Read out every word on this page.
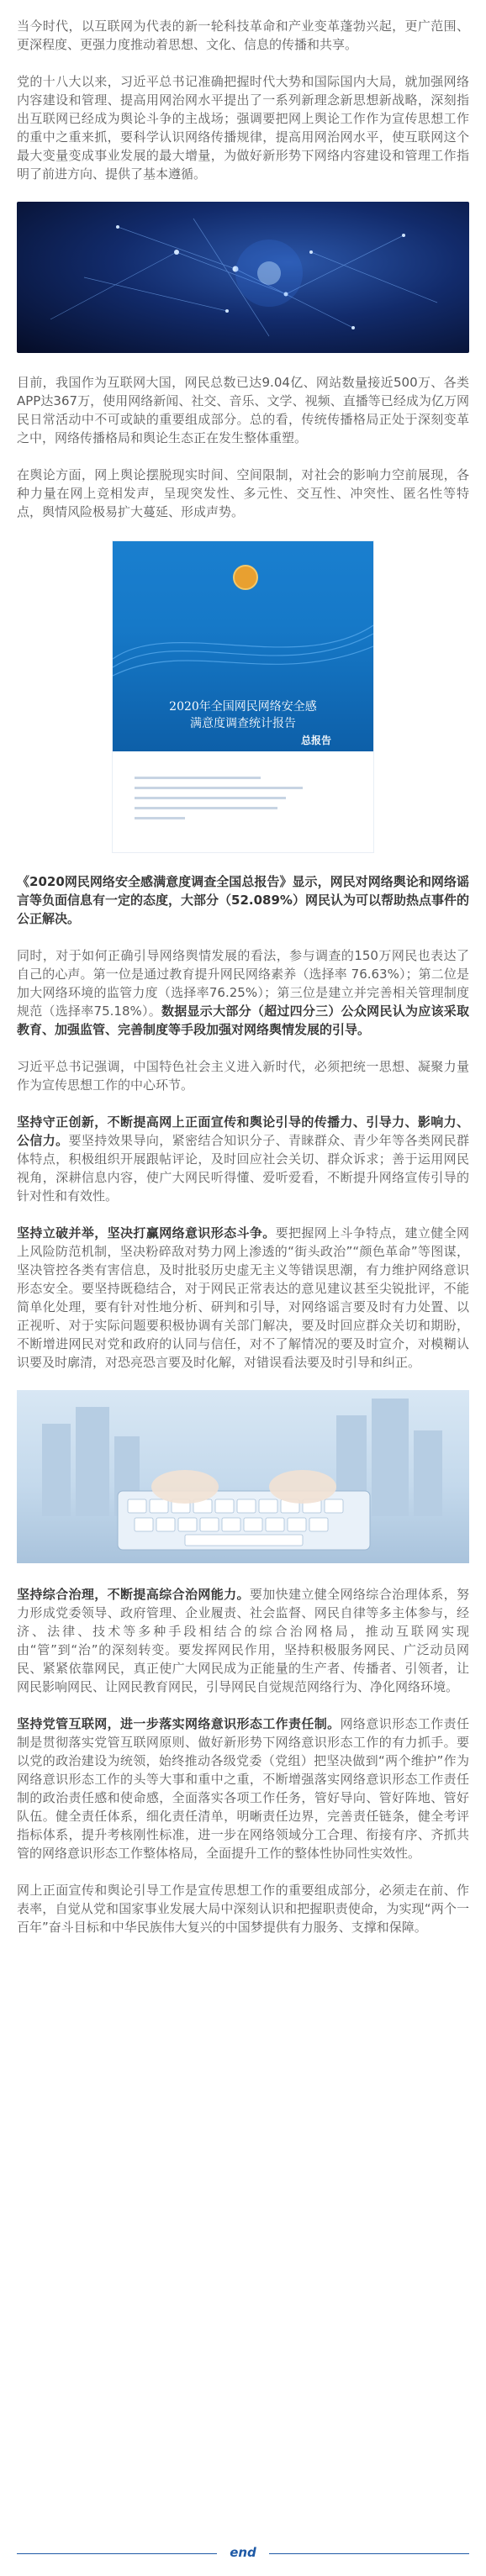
当今时代，以互联网为代表的新一轮科技革命和产业变革蓬勃兴起，更广范围、更深程度、更强力度推动着思想、文化、信息的传播和共享。

党的十八大以来，习近平总书记准确把握时代大势和国际国内大局，就加强网络内容建设和管理、提高用网治网水平提出了一系列新理念新思想新战略，深刻指出互联网已经成为舆论斗争的主战场；强调要把网上舆论工作作为宣传思想工作的重中之重来抓，要科学认识网络传播规律，提高用网治网水平，使互联网这个最大变量变成事业发展的最大增量，为做好新形势下网络内容建设和管理工作指明了前进方向、提供了基本遵循。

目前，我国作为互联网大国，网民总数已达9.04亿、网站数量接近500万、各类APP达367万，使用网络新闻、社交、音乐、文学、视频、直播等已经成为亿万网民日常活动中不可或缺的重要组成部分。总的看，传统传播格局正处于深刻变革之中，网络传播格局和舆论生态正在发生整体重塑。

在舆论方面，网上舆论摆脱现实时间、空间限制，对社会的影响力空前展现，各种力量在网上竞相发声，呈现突发性、多元性、交互性、冲突性、匿名性等特点，舆情风险极易扩大蔓延、形成声势。

2020年全国网民网络安全感
满意度调查统计报告
总报告

《2020网民网络安全感满意度调查全国总报告》显示，网民对网络舆论和网络谣言等负面信息有一定的态度，大部分（52.089%）网民认为可以帮助热点事件的公正解决。

同时，对于如何正确引导网络舆情发展的看法，参与调查的150万网民也表达了自己的心声。第一位是通过教育提升网民网络素养（选择率 76.63%）；第二位是加大网络环境的监管力度（选择率76.25%）；第三位是建立并完善相关管理制度规范（选择率75.18%）。数据显示大部分（超过四分三）公众网民认为应该采取教育、加强监管、完善制度等手段加强对网络舆情发展的引导。

习近平总书记强调，中国特色社会主义进入新时代，必须把统一思想、凝聚力量作为宣传思想工作的中心环节。

坚持守正创新，不断提高网上正面宣传和舆论引导的传播力、引导力、影响力、公信力。要坚持效果导向，紧密结合知识分子、青睐群众、青少年等各类网民群体特点，积极组织开展跟帖评论，及时回应社会关切、群众诉求；善于运用网民视角，深耕信息内容，使广大网民听得懂、爱听爱看，不断提升网络宣传引导的针对性和有效性。

坚持立破并举，坚决打赢网络意识形态斗争。要把握网上斗争特点，建立健全网上风险防范机制，坚决粉碎敌对势力网上渗透的“街头政治”“颜色革命”等图谋，坚决管控各类有害信息，及时批驳历史虚无主义等错误思潮，有力维护网络意识形态安全。要坚持既稳结合，对于网民正常表达的意见建议甚至尖锐批评，不能简单化处理，要有针对性地分析、研判和引导，对网络谣言要及时有力处置、以正视听、对于实际问题要积极协调有关部门解决，要及时回应群众关切和期盼，不断增进网民对党和政府的认同与信任，对不了解情况的要及时宣介，对模糊认识要及时廓清，对恐亮恐言要及时化解，对错误看法要及时引导和纠正。

坚持综合治理，不断提高综合治网能力。要加快建立健全网络综合治理体系，努力形成党委领导、政府管理、企业履责、社会监督、网民自律等多主体参与，经济、法律、技术等多种手段相结合的综合治网格局，推动互联网实现由“管”到“治”的深刻转变。要发挥网民作用，坚持积极服务网民、广泛动员网民、紧紧依靠网民，真正使广大网民成为正能量的生产者、传播者、引领者，让网民影响网民、让网民教育网民，引导网民自觉规范网络行为、净化网络环境。

坚持党管互联网，进一步落实网络意识形态工作责任制。网络意识形态工作责任制是贯彻落实党管互联网原则、做好新形势下网络意识形态工作的有力抓手。要以党的政治建设为统领，始终推动各级党委（党组）把坚决做到“两个维护”作为网络意识形态工作的头等大事和重中之重，不断增强落实网络意识形态工作责任制的政治责任感和使命感，全面落实各项工作任务，管好导向、管好阵地、管好队伍。健全责任体系，细化责任清单，明晰责任边界，完善责任链条，健全考评指标体系，提升考核刚性标准，进一步在网络领域分工合理、衔接有序、齐抓共管的网络意识形态工作整体格局，全面提升工作的整体性协同性实效性。

网上正面宣传和舆论引导工作是宣传思想工作的重要组成部分，必须走在前、作表率，自觉从党和国家事业发展大局中深刻认识和把握职责使命，为实现“两个一百年”奋斗目标和中华民族伟大复兴的中国梦提供有力服务、支撑和保障。

end
